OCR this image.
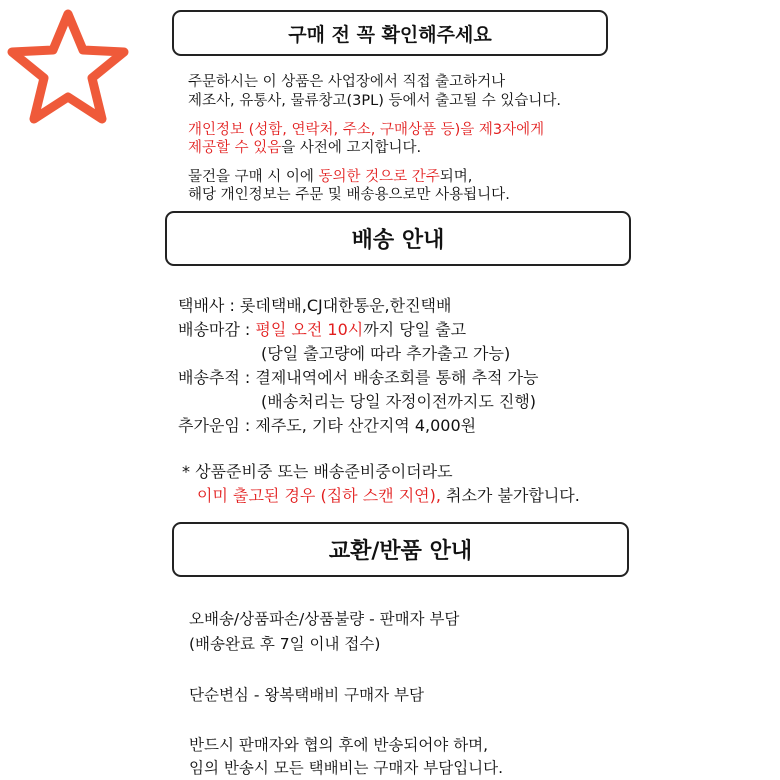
구매 전 꼭 확인해주세요
주문하시는 이 상품은 사업장에서 직접 출고하거나
제조사, 유통사, 물류창고(3PL) 등에서 출고될 수 있습니다.
개인정보 (성함, 연락처, 주소, 구매상품 등)을 제3자에게
제공할 수 있음을 사전에 고지합니다.
물건을 구매 시 이에 동의한 것으로 간주되며,
해당 개인정보는 주문 및 배송용으로만 사용됩니다.
배송 안내
택배사 : 롯데택배,CJ대한통운,한진택배
배송마감 : 평일 오전 10시까지 당일 출고
(당일 출고량에 따라 추가출고 가능)
배송추적 : 결제내역에서 배송조회를 통해 추적 가능
(배송처리는 당일 자정이전까지도 진행)
추가운임 : 제주도, 기타 산간지역 4,000원
* 상품준비중 또는 배송준비중이더라도
이미 출고된 경우 (집하 스캔 지연), 취소가 불가합니다.
교환/반품 안내
오배송/상품파손/상품불량 - 판매자 부담
(배송완료 후 7일 이내 접수)
단순변심 - 왕복택배비 구매자 부담
반드시 판매자와 협의 후에 반송되어야 하며,
임의 반송시 모든 택배비는 구매자 부담입니다.
